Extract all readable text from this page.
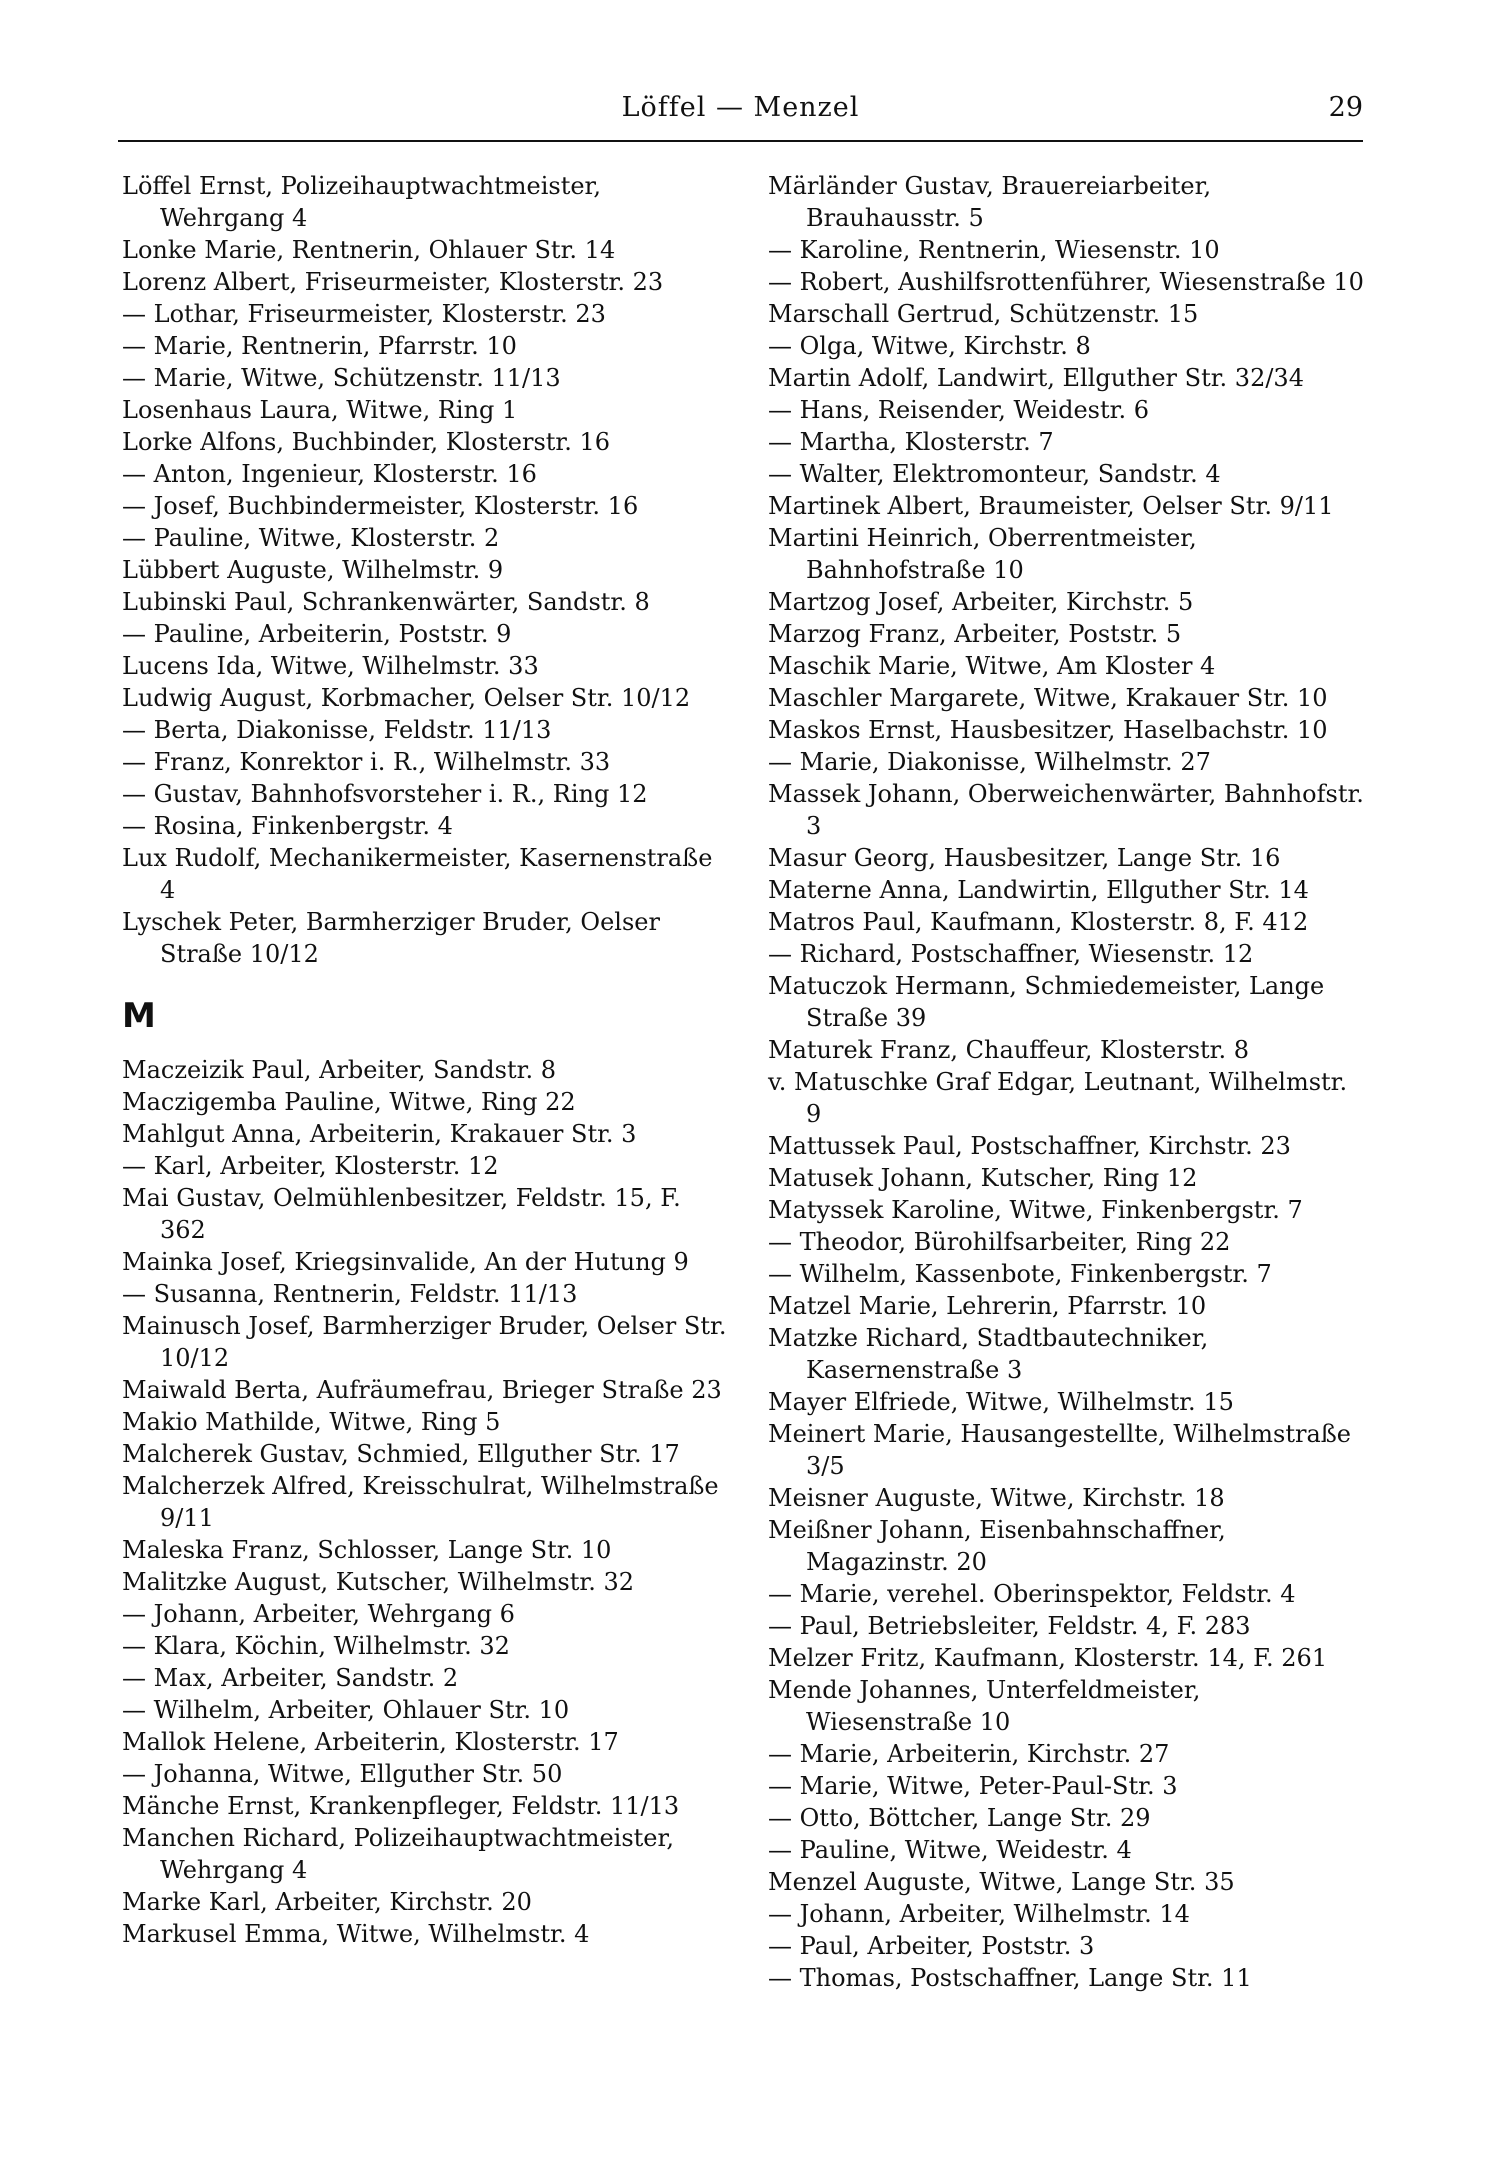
Löffel — Menzel	29
Löffel Ernst, Polizeihauptwachtmeister, Wehrgang 4
Lonke Marie, Rentnerin, Ohlauer Str. 14
Lorenz Albert, Friseurmeister, Klosterstr. 23
— Lothar, Friseurmeister, Klosterstr. 23
— Marie, Rentnerin, Pfarrstr. 10
— Marie, Witwe, Schützenstr. 11/13
Losenhaus Laura, Witwe, Ring 1
Lorke Alfons, Buchbinder, Klosterstr. 16
— Anton, Ingenieur, Klosterstr. 16
— Josef, Buchbindermeister, Klosterstr. 16
— Pauline, Witwe, Klosterstr. 2
Lübbert Auguste, Wilhelmstr. 9
Lubinski Paul, Schrankenwärter, Sandstr. 8
— Pauline, Arbeiterin, Poststr. 9
Lucens Ida, Witwe, Wilhelmstr. 33
Ludwig August, Korbmacher, Oelser Str. 10/12
— Berta, Diakonisse, Feldstr. 11/13
— Franz, Konrektor i. R., Wilhelmstr. 33
— Gustav, Bahnhofsvorsteher i. R., Ring 12
— Rosina, Finkenbergstr. 4
Lux Rudolf, Mechanikermeister, Kasernenstraße 4
Lyschek Peter, Barmherziger Bruder, Oelser Straße 10/12
M
Maczeizik Paul, Arbeiter, Sandstr. 8
Maczigemba Pauline, Witwe, Ring 22
Mahlgut Anna, Arbeiterin, Krakauer Str. 3
— Karl, Arbeiter, Klosterstr. 12
Mai Gustav, Oelmühlenbesitzer, Feldstr. 15, F. 362
Mainka Josef, Kriegsinvalide, An der Hutung 9
— Susanna, Rentnerin, Feldstr. 11/13
Mainusch Josef, Barmherziger Bruder, Oelser Str. 10/12
Maiwald Berta, Aufräumefrau, Brieger Straße 23
Makio Mathilde, Witwe, Ring 5
Malcherek Gustav, Schmied, Ellguther Str. 17
Malcherzek Alfred, Kreisschulrat, Wilhelmstraße 9/11
Maleska Franz, Schlosser, Lange Str. 10
Malitzke August, Kutscher, Wilhelmstr. 32
— Johann, Arbeiter, Wehrgang 6
— Klara, Köchin, Wilhelmstr. 32
— Max, Arbeiter, Sandstr. 2
— Wilhelm, Arbeiter, Ohlauer Str. 10
Mallok Helene, Arbeiterin, Klosterstr. 17
— Johanna, Witwe, Ellguther Str. 50
Mänche Ernst, Krankenpfleger, Feldstr. 11/13
Manchen Richard, Polizeihauptwachtmeister, Wehrgang 4
Marke Karl, Arbeiter, Kirchstr. 20
Markusel Emma, Witwe, Wilhelmstr. 4
Märländer Gustav, Brauereiarbeiter, Brauhausstr. 5
— Karoline, Rentnerin, Wiesenstr. 10
— Robert, Aushilfsrottenführer, Wiesenstraße 10
Marschall Gertrud, Schützenstr. 15
— Olga, Witwe, Kirchstr. 8
Martin Adolf, Landwirt, Ellguther Str. 32/34
— Hans, Reisender, Weidestr. 6
— Martha, Klosterstr. 7
— Walter, Elektromonteur, Sandstr. 4
Martinek Albert, Braumeister, Oelser Str. 9/11
Martini Heinrich, Oberrentmeister, Bahnhofstraße 10
Martzog Josef, Arbeiter, Kirchstr. 5
Marzog Franz, Arbeiter, Poststr. 5
Maschik Marie, Witwe, Am Kloster 4
Maschler Margarete, Witwe, Krakauer Str. 10
Maskos Ernst, Hausbesitzer, Haselbachstr. 10
— Marie, Diakonisse, Wilhelmstr. 27
Massek Johann, Oberweichenwärter, Bahnhofstr. 3
Masur Georg, Hausbesitzer, Lange Str. 16
Materne Anna, Landwirtin, Ellguther Str. 14
Matros Paul, Kaufmann, Klosterstr. 8, F. 412
— Richard, Postschaffner, Wiesenstr. 12
Matuczok Hermann, Schmiedemeister, Lange Straße 39
Maturek Franz, Chauffeur, Klosterstr. 8
v. Matuschke Graf Edgar, Leutnant, Wilhelmstr. 9
Mattussek Paul, Postschaffner, Kirchstr. 23
Matusek Johann, Kutscher, Ring 12
Matyssek Karoline, Witwe, Finkenbergstr. 7
— Theodor, Bürohilfsarbeiter, Ring 22
— Wilhelm, Kassenbote, Finkenbergstr. 7
Matzel Marie, Lehrerin, Pfarrstr. 10
Matzke Richard, Stadtbautechniker, Kasernenstraße 3
Mayer Elfriede, Witwe, Wilhelmstr. 15
Meinert Marie, Hausangestellte, Wilhelmstraße 3/5
Meisner Auguste, Witwe, Kirchstr. 18
Meißner Johann, Eisenbahnschaffner, Magazinstr. 20
— Marie, verehel. Oberinspektor, Feldstr. 4
— Paul, Betriebsleiter, Feldstr. 4, F. 283
Melzer Fritz, Kaufmann, Klosterstr. 14, F. 261
Mende Johannes, Unterfeldmeister, Wiesenstraße 10
— Marie, Arbeiterin, Kirchstr. 27
— Marie, Witwe, Peter-Paul-Str. 3
— Otto, Böttcher, Lange Str. 29
— Pauline, Witwe, Weidestr. 4
Menzel Auguste, Witwe, Lange Str. 35
— Johann, Arbeiter, Wilhelmstr. 14
— Paul, Arbeiter, Poststr. 3
— Thomas, Postschaffner, Lange Str. 11
